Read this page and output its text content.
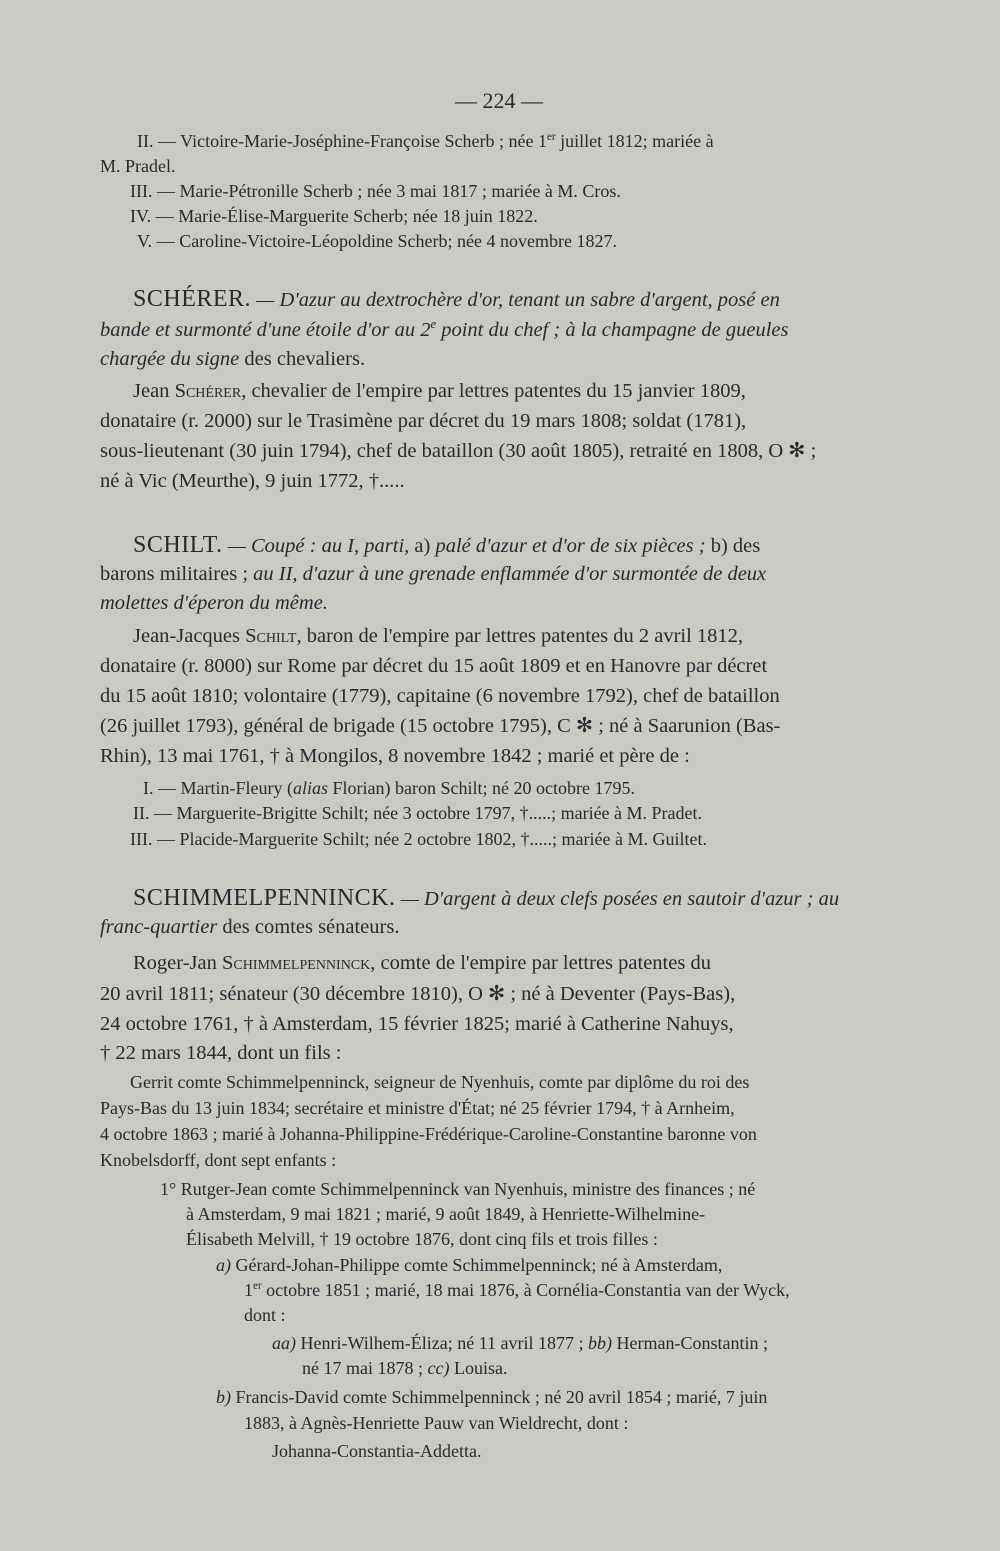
— 224 —
II. — Victoire-Marie-Joséphine-Françoise Scherb ; née 1er juillet 1812; mariée à
M. Pradel.
III. — Marie-Pétronille Scherb ; née 3 mai 1817 ; mariée à M. Cros.
IV. — Marie-Élise-Marguerite Scherb; née 18 juin 1822.
V. — Caroline-Victoire-Léopoldine Scherb; née 4 novembre 1827.
SCHÉRER. — D'azur au dextrochère d'or, tenant un sabre d'argent, posé en
bande et surmonté d'une étoile d'or au 2e point du chef ; à la champagne de gueules
chargée du signe des chevaliers.
Jean Schérer, chevalier de l'empire par lettres patentes du 15 janvier 1809,
donataire (r. 2000) sur le Trasimène par décret du 19 mars 1808; soldat (1781),
sous-lieutenant (30 juin 1794), chef de bataillon (30 août 1805), retraité en 1808, O ✻ ;
né à Vic (Meurthe), 9 juin 1772, †.....
SCHILT. — Coupé : au I, parti, a) palé d'azur et d'or de six pièces ; b) des
barons militaires ; au II, d'azur à une grenade enflammée d'or surmontée de deux
molettes d'éperon du même.
Jean-Jacques Schilt, baron de l'empire par lettres patentes du 2 avril 1812,
donataire (r. 8000) sur Rome par décret du 15 août 1809 et en Hanovre par décret
du 15 août 1810; volontaire (1779), capitaine (6 novembre 1792), chef de bataillon
(26 juillet 1793), général de brigade (15 octobre 1795), C ✻ ; né à Saarunion (Bas-
Rhin), 13 mai 1761, † à Mongilos, 8 novembre 1842 ; marié et père de :
I. — Martin-Fleury (alias Florian) baron Schilt; né 20 octobre 1795.
II. — Marguerite-Brigitte Schilt; née 3 octobre 1797, †.....; mariée à M. Pradet.
III. — Placide-Marguerite Schilt; née 2 octobre 1802, †.....; mariée à M. Guiltet.
SCHIMMELPENNINCK. — D'argent à deux clefs posées en sautoir d'azur ; au
franc-quartier des comtes sénateurs.
Roger-Jan Schimmelpenninck, comte de l'empire par lettres patentes du
20 avril 1811; sénateur (30 décembre 1810), O ✻ ; né à Deventer (Pays-Bas),
24 octobre 1761, † à Amsterdam, 15 février 1825; marié à Catherine Nahuys,
† 22 mars 1844, dont un fils :
Gerrit comte Schimmelpenninck, seigneur de Nyenhuis, comte par diplôme du roi des
Pays-Bas du 13 juin 1834; secrétaire et ministre d'État; né 25 février 1794, † à Arnheim,
4 octobre 1863 ; marié à Johanna-Philippine-Frédérique-Caroline-Constantine baronne von
Knobelsdorff, dont sept enfants :
1° Rutger-Jean comte Schimmelpenninck van Nyenhuis, ministre des finances ; né
à Amsterdam, 9 mai 1821 ; marié, 9 août 1849, à Henriette-Wilhelmine-
Élisabeth Melvill, † 19 octobre 1876, dont cinq fils et trois filles :
a) Gérard-Johan-Philippe comte Schimmelpenninck; né à Amsterdam,
1er octobre 1851 ; marié, 18 mai 1876, à Cornélia-Constantia van der Wyck,
dont :
aa) Henri-Wilhem-Éliza; né 11 avril 1877 ; bb) Herman-Constantin ;
né 17 mai 1878 ; cc) Louisa.
b) Francis-David comte Schimmelpenninck ; né 20 avril 1854 ; marié, 7 juin
1883, à Agnès-Henriette Pauw van Wieldrecht, dont :
Johanna-Constantia-Addetta.
